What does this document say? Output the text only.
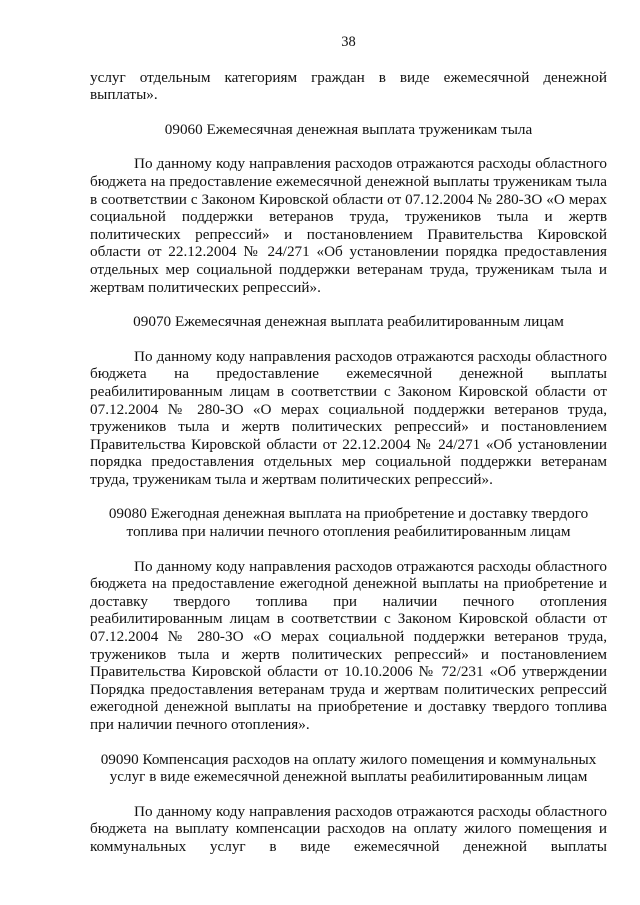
38

услуг отдельным категориям граждан в виде ежемесячной денежной выплаты».

09060 Ежемесячная денежная выплата труженикам тыла

По данному коду направления расходов отражаются расходы областного бюджета на предоставление ежемесячной денежной выплаты труженикам тыла в соответствии с Законом Кировской области от 07.12.2004 № 280-ЗО «О мерах социальной поддержки ветеранов труда, тружеников тыла и жертв политических репрессий» и постановлением Правительства Кировской области от 22.12.2004 № 24/271 «Об установлении порядка предоставления отдельных мер социальной поддержки ветеранам труда, труженикам тыла и жертвам политических репрессий».

09070 Ежемесячная денежная выплата реабилитированным лицам

По данному коду направления расходов отражаются расходы областного бюджета на предоставление ежемесячной денежной выплаты реабилитированным лицам в соответствии с Законом Кировской области от 07.12.2004 № 280-ЗО «О мерах социальной поддержки ветеранов труда, тружеников тыла и жертв политических репрессий» и постановлением Правительства Кировской области от 22.12.2004 № 24/271 «Об установлении порядка предоставления отдельных мер социальной поддержки ветеранам труда, труженикам тыла и жертвам политических репрессий».

09080 Ежегодная денежная выплата на приобретение и доставку твердого топлива при наличии печного отопления реабилитированным лицам

По данному коду направления расходов отражаются расходы областного бюджета на предоставление ежегодной денежной выплаты на приобретение и доставку твердого топлива при наличии печного отопления реабилитированным лицам в соответствии с Законом Кировской области от 07.12.2004 № 280-ЗО «О мерах социальной поддержки ветеранов труда, тружеников тыла и жертв политических репрессий» и постановлением Правительства Кировской области от 10.10.2006 № 72/231 «Об утверждении Порядка предоставления ветеранам труда и жертвам политических репрессий ежегодной денежной выплаты на приобретение и доставку твердого топлива при наличии печного отопления».

09090 Компенсация расходов на оплату жилого помещения и коммунальных услуг в виде ежемесячной денежной выплаты реабилитированным лицам

По данному коду направления расходов отражаются расходы областного бюджета на выплату компенсации расходов на оплату жилого помещения и коммунальных услуг в виде ежемесячной денежной выплаты
